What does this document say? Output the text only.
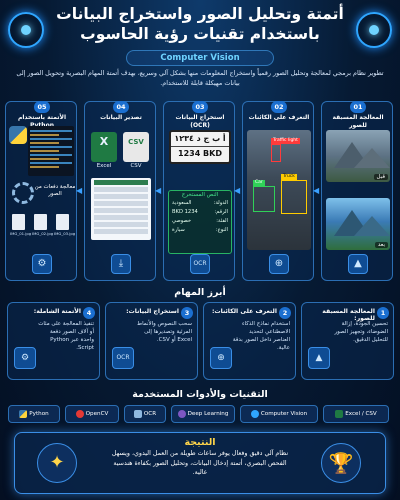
أتمتة وتحليل الصور واستخراج البيانات
باستخدام تقنيات رؤية الحاسوب
Computer Vision
تطوير نظام برمجي لمعالجة وتحليل الصور رقمياً واستخراج المعلومات منها بشكل آلي وسريع، بهدف أتمتة المهام البصرية وتحويل الصور إلى بيانات مهيكلة قابلة للاستخدام.
01
المعالجة المسبقة للصور
قبل
بعد
▲
02
التعرف على الكائنات
Traffic light
Car
Truck
⊕
03
استخراج البيانات (OCR)
أ ب ج د ١٢٣٤
1234 BKD
النص المستخرج
الدولة:
السعودية
الرقم:
1234 BKD
الفئة:
خصوصي
النوع:
سيارة
OCR
04
تصدير البيانات
X	CSV
Excel	CSV
⤓
05
الأتمتة باستخدام
معالجة دفعات من الصور
IMG_01.jpg IMG_02.jpg IMG_03.jpg
⚙
◀
◀
◀
◀
أبرز المهام
1
المعالجة المسبقة للصور:
تحسين الجودة، إزالة الضوضاء، وتجهيز الصور للتحليل الدقيق.
▲
2
التعرف على الكائنات:
استخدام نماذج الذكاء الاصطناعي لتحديد العناصر داخل الصور بدقة عالية.
⊕
3
استخراج البيانات:
سحب النصوص والأنماط المرئية وتصديرها إلى Excel أو CSV.
OCR
4
الأتمتة الشاملة:
تنفيذ المعالجة على مئات أو آلاف الصور دفعة واحدة عبر Python Script.
⚙
التقنيات والأدوات المستخدمة
Python	OpenCV	OCR	Deep Learning	Computer Vision	Excel / CSV
✦
النتيجة
نظام آلي دقيق وفعال يوفر ساعات طويلة من العمل اليدوي، ويسهل الفحص البصري، أتمتة إدخال البيانات، وتحليل الصور بكفاءة هندسية عالية.	🏆
